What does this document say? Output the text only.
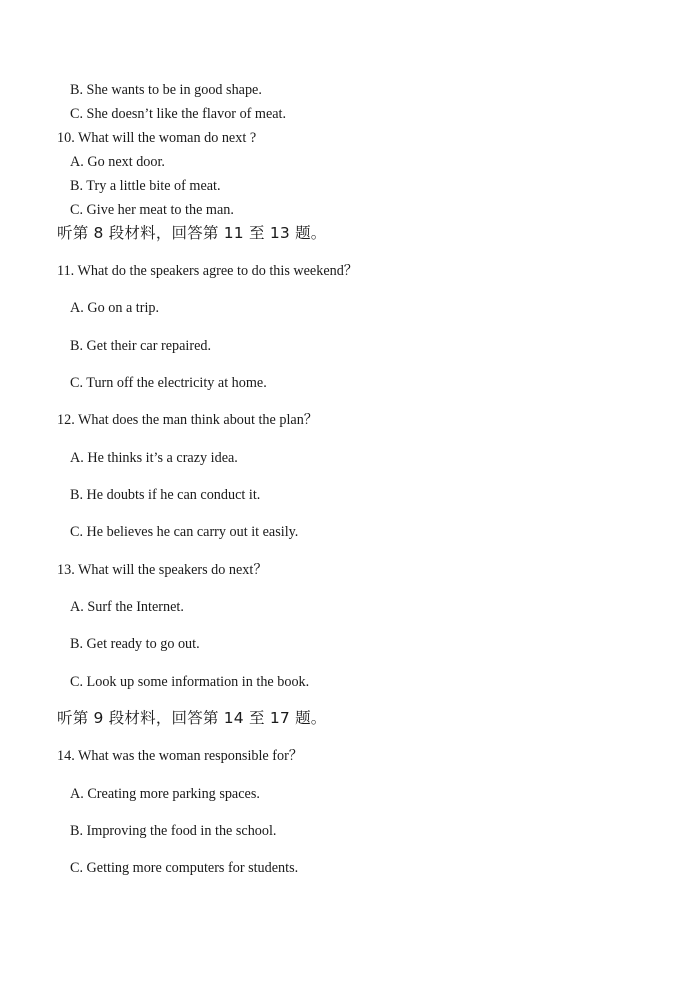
B. She wants to be in good shape.
C. She doesn’t like the flavor of meat.
10. What will the woman do next ?
A. Go next door.
B. Try a little bite of meat.
C. Give her meat to the man.
听第 8 段材料，回答第 11 至 13 题。
11. What do the speakers agree to do this weekend？
A. Go on a trip.
B. Get their car repaired.
C. Turn off the electricity at home.
12. What does the man think about the plan？
A. He thinks it’s a crazy idea.
B. He doubts if he can conduct it.
C. He believes he can carry out it easily.
13. What will the speakers do next？
A. Surf the Internet.
B. Get ready to go out.
C. Look up some information in the book.
听第 9 段材料，回答第 14 至 17 题。
14. What was the woman responsible for？
A. Creating more parking spaces.
B. Improving the food in the school.
C. Getting more computers for students.
